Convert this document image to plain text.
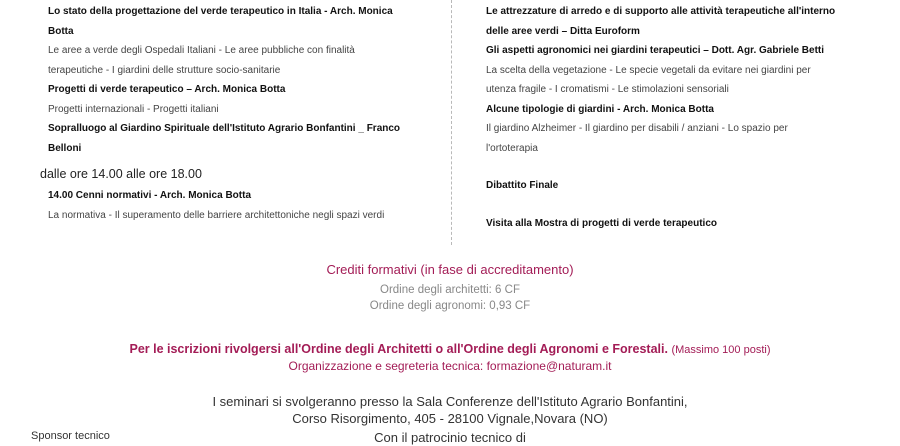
Lo stato della progettazione del verde terapeutico in Italia - Arch. Monica
Botta
Le aree a verde degli Ospedali Italiani - Le aree pubbliche con finalità
terapeutiche - I giardini delle strutture socio-sanitarie
Progetti di verde terapeutico – Arch. Monica Botta
Progetti internazionali - Progetti italiani
Sopralluogo al Giardino Spirituale dell'Istituto Agrario Bonfantini _ Franco
Belloni
dalle ore 14.00 alle ore 18.00
14.00 Cenni normativi - Arch. Monica Botta
La normativa - Il superamento delle barriere architettoniche negli spazi verdi
Le attrezzature di arredo e di supporto alle attività terapeutiche all'interno
delle aree verdi – Ditta Euroform
Gli aspetti agronomici nei giardini terapeutici – Dott. Agr. Gabriele Betti
La scelta della vegetazione - Le specie vegetali da evitare nei giardini per
utenza fragile - I cromatismi - Le stimolazioni sensoriali
Alcune tipologie di giardini - Arch. Monica Botta
Il giardino Alzheimer - Il giardino per disabili / anziani - Lo spazio per
l'ortoterapia
Dibattito Finale
Visita alla Mostra di progetti di verde terapeutico
Crediti formativi (in fase di accreditamento)
Ordine degli architetti: 6 CF
Ordine degli agronomi: 0,93 CF
Per le iscrizioni rivolgersi all'Ordine degli Architetti o all'Ordine degli Agronomi e Forestali. (Massimo 100 posti)
Organizzazione e segreteria tecnica: formazione@naturam.it
I seminari si svolgeranno presso la Sala Conferenze dell'Istituto Agrario Bonfantini,
Corso Risorgimento, 405 - 28100 Vignale,Novara (NO)
Sponsor tecnico	Con il patrocinio tecnico di
